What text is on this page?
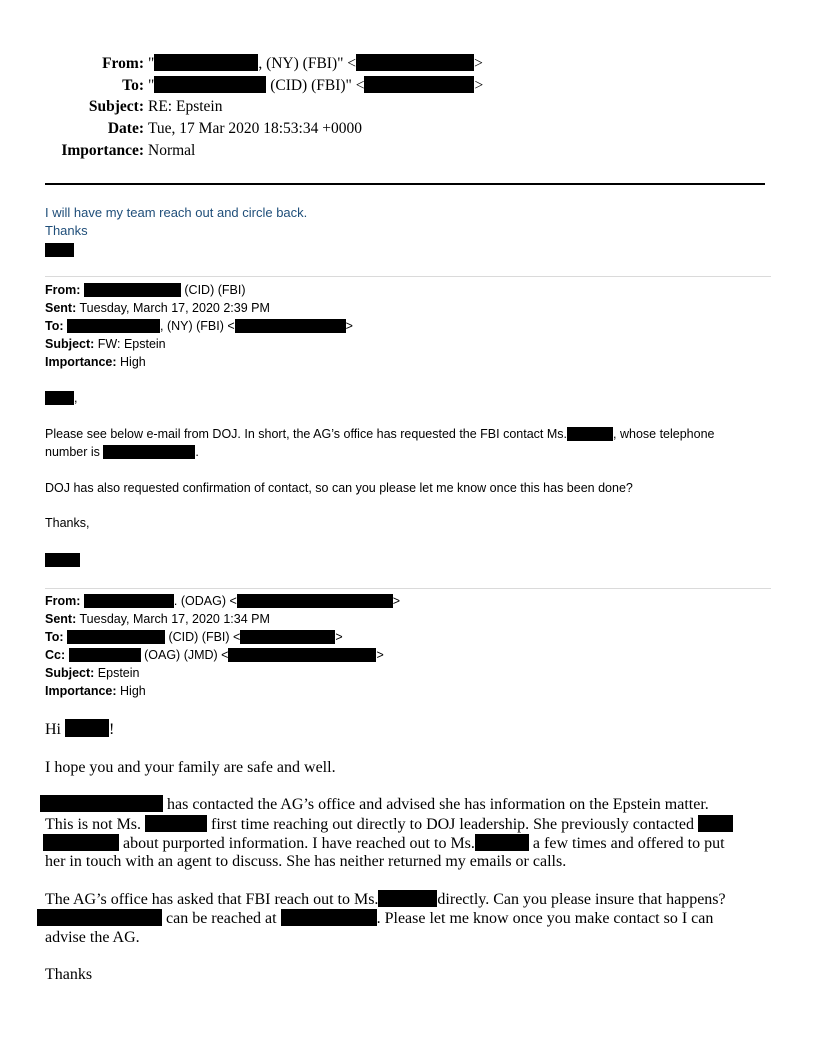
From: "	, (NY) (FBI)" <	>
To: "	(CID) (FBI)" <	>
Subject: RE: Epstein
Date: Tue, 17 Mar 2020 18:53:34 +0000
Importance: Normal
I will have my team reach out and circle back.
Thanks
From:	(CID) (FBI)
Sent: Tuesday, March 17, 2020 2:39 PM
To:	, (NY) (FBI) <	>
Subject: FW: Epstein
Importance: High
,
Please see below e-mail from DOJ. In short, the AG’s office has requested the FBI contact Ms.	, whose telephone
number is	.
DOJ has also requested confirmation of contact, so can you please let me know once this has been done?
Thanks,
From:	. (ODAG) <	>
Sent: Tuesday, March 17, 2020 1:34 PM
To:	(CID) (FBI) <	>
Cc:	(OAG) (JMD) <	>
Subject: Epstein
Importance: High
Hi	!
I hope you and your family are safe and well.
has contacted the AG’s office and advised she has information on the Epstein matter.
This is not Ms.	first time reaching out directly to DOJ leadership. She previously contacted
about purported information. I have reached out to Ms.	a few times and offered to put
her in touch with an agent to discuss. She has neither returned my emails or calls.
The AG’s office has asked that FBI reach out to Ms.	directly. Can you please insure that happens?
can be reached at	. Please let me know once you make contact so I can
advise the AG.
Thanks
